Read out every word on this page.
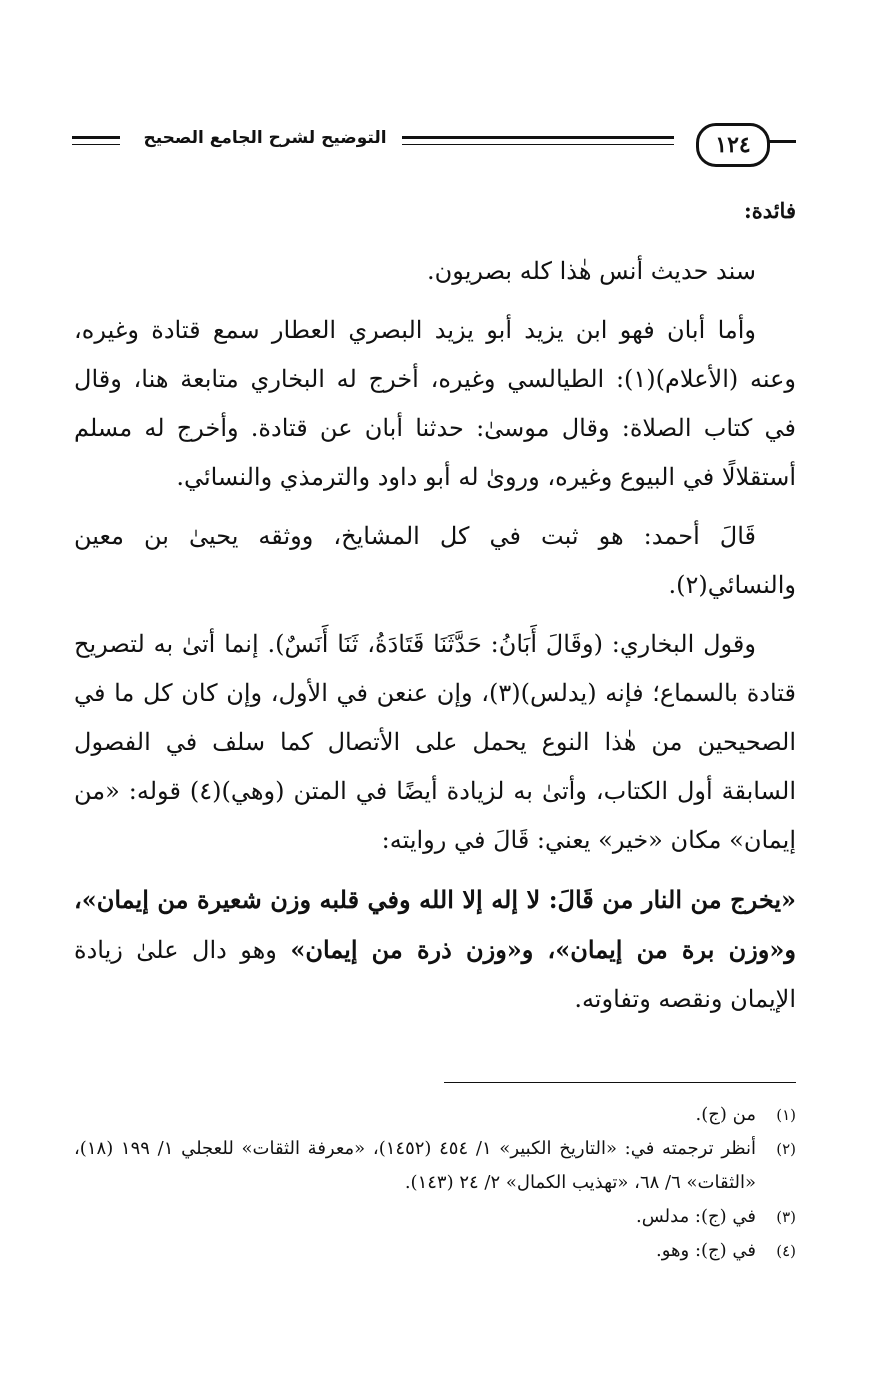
التوضيح لشرح الجامع الصحيح	١٢٤

فائدة:

سند حديث أنس هٰذا كله بصريون.

وأما أبان فهو ابن يزيد أبو يزيد البصري العطار سمع قتادة وغيره، وعنه (الأعلام)(١): الطيالسي وغيره، أخرج له البخاري متابعة هنا، وقال في كتاب الصلاة: وقال موسىٰ: حدثنا أبان عن قتادة. وأخرج له مسلم أستقلالًا في البيوع وغيره، وروىٰ له أبو داود والترمذي والنسائي.

قَالَ أحمد: هو ثبت في كل المشايخ، ووثقه يحيىٰ بن معين والنسائي(٢).

وقول البخاري: (وقَالَ أَبَانُ: حَدَّثَنَا قَتَادَةُ، ثَنَا أَنَسٌ). إنما أتىٰ به لتصريح قتادة بالسماع؛ فإنه (يدلس)(٣)، وإن عنعن في الأول، وإن كان كل ما في الصحيحين من هٰذا النوع يحمل على الأتصال كما سلف في الفصول السابقة أول الكتاب، وأتىٰ به لزيادة أيضًا في المتن (وهي)(٤) قوله: «من إيمان» مكان «خير» يعني: قَالَ في روايته:

«يخرج من النار من قَالَ: لا إله إلا الله وفي قلبه وزن شعيرة من إيمان»، و«وزن برة من إيمان»، و«وزن ذرة من إيمان» وهو دال علىٰ زيادة الإيمان ونقصه وتفاوته.

(١)
من (ج).
(٢)
أنظر ترجمته في: «التاريخ الكبير» ١/ ٤٥٤ (١٤٥٢)، «معرفة الثقات» للعجلي ١/ ١٩٩ (١٨)، «الثقات» ٦/ ٦٨، «تهذيب الكمال» ٢/ ٢٤ (١٤٣).
(٣)
في (ج): مدلس.
(٤)
في (ج): وهو.
